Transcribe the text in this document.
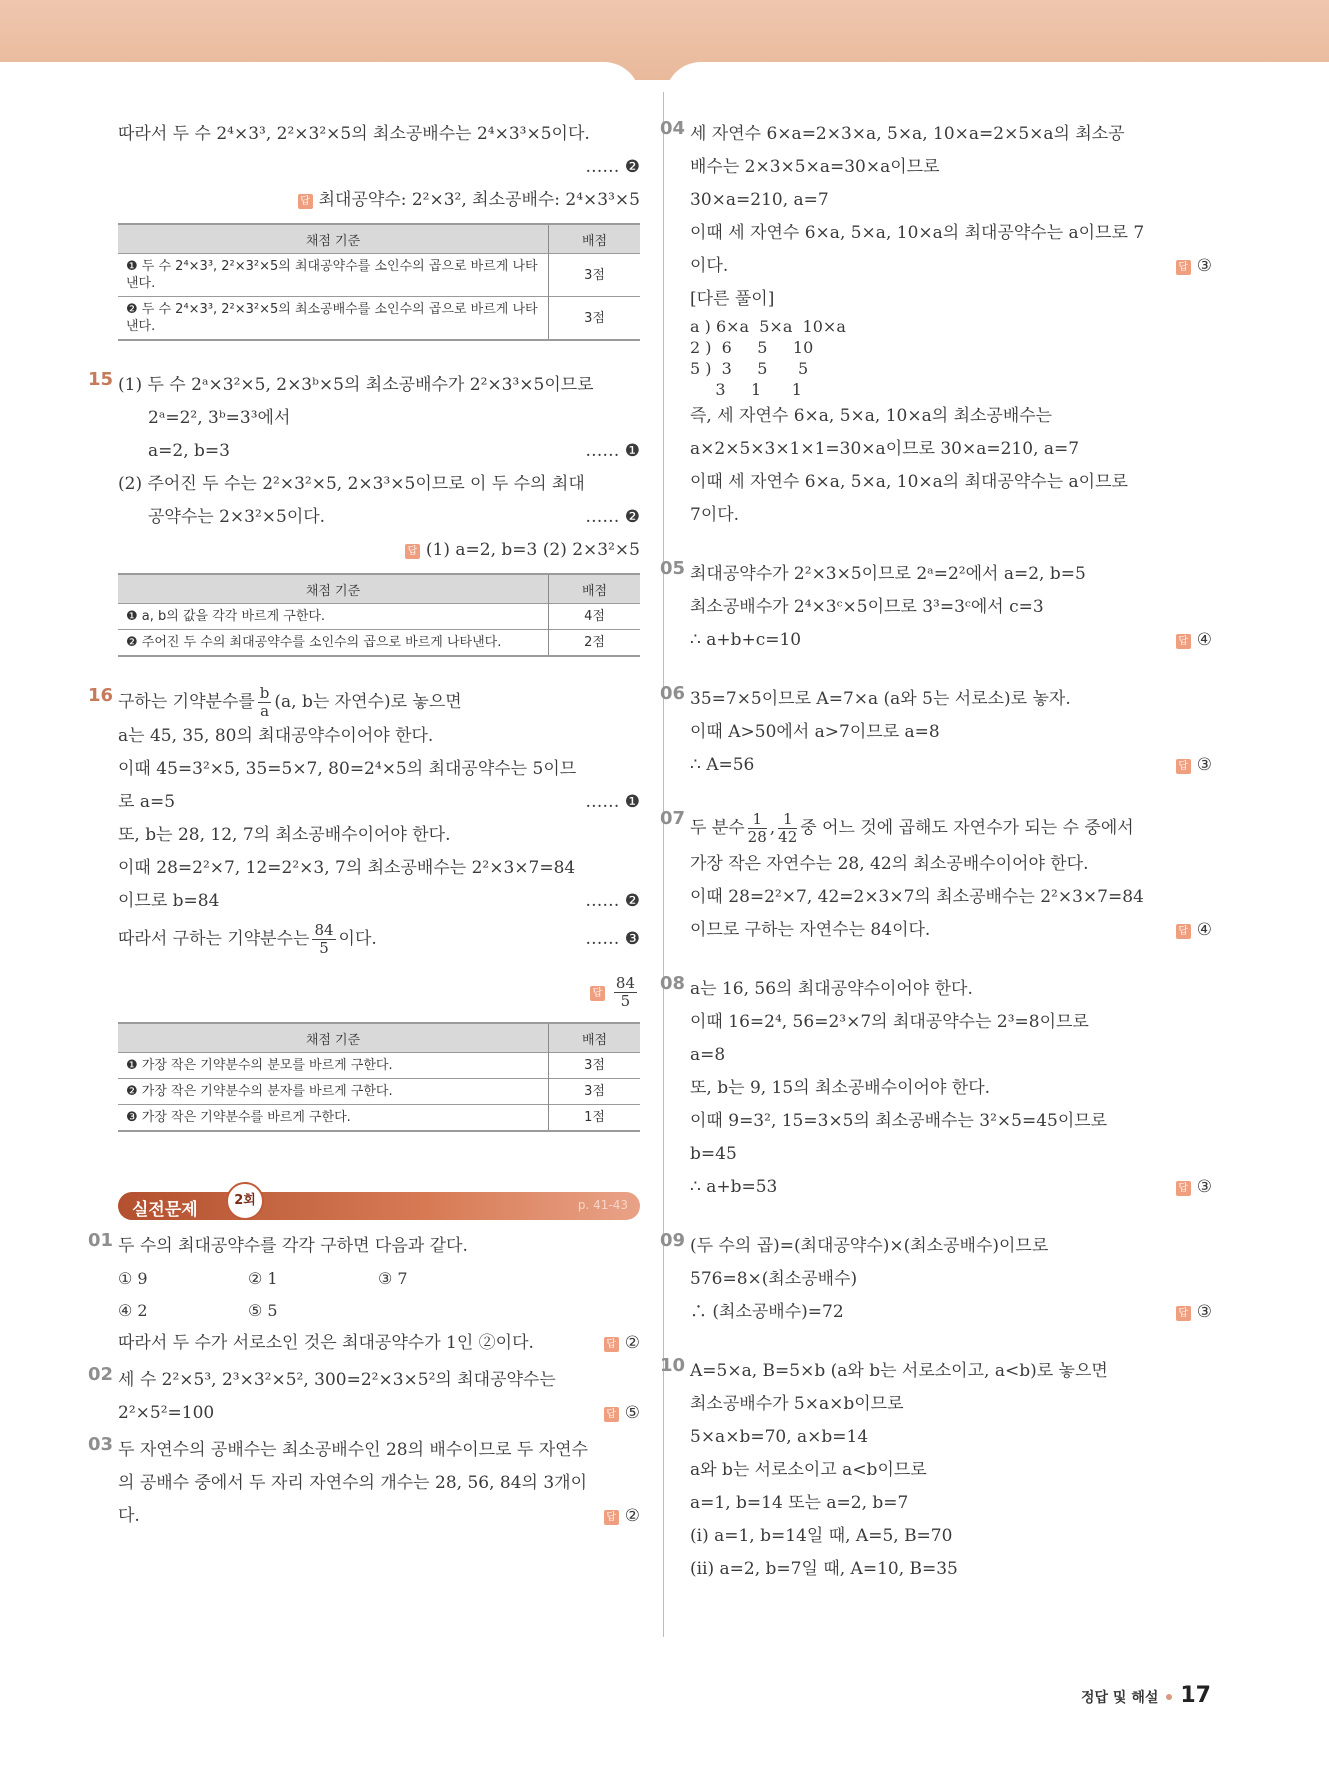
따라서 두 수 2⁴×3³, 2²×3²×5의 최소공배수는 2⁴×3³×5이다.
…… ❷
답 최대공약수: 2²×3², 최소공배수: 2⁴×3³×5
채점 기준	배점
❶ 두 수 2⁴×3³, 2²×3²×5의 최대공약수를 소인수의 곱으로 바르게 나타낸다.	3점
❷ 두 수 2⁴×3³, 2²×3²×5의 최소공배수를 소인수의 곱으로 바르게 나타낸다.	3점
15 (1) 두 수 2ᵃ×3²×5, 2×3ᵇ×5의 최소공배수가 2²×3³×5이므로
2ᵃ=2², 3ᵇ=3³에서
a=2, b=3	…… ❶
(2) 주어진 두 수는 2²×3²×5, 2×3³×5이므로 이 두 수의 최대
공약수는 2×3²×5이다.	…… ❷
답 (1) a=2, b=3 (2) 2×3²×5
채점 기준	배점
❶ a, b의 값을 각각 바르게 구한다.	4점
❷ 주어진 두 수의 최대공약수를 소인수의 곱으로 바르게 나타낸다.	2점
16 구하는 기약분수를 $\frac{b}{a} (a$, b는 자연수)로 놓으면
a는 45, 35, 80의 최대공약수이어야 한다.
이때 45=3²×5, 35=5×7, 80=2⁴×5의 최대공약수는 5이므
로 a=5	…… ❶
또, b는 28, 12, 7의 최소공배수이어야 한다.
이때 28=2²×7, 12=2²×3, 7의 최소공배수는 2²×3×7=84
이므로 b=84	…… ❷
따라서 구하는 기약분수는 $\frac{84}{5}$ 이다.	…… ❸
답 $\frac{84}{5}$
채점 기준	배점
❶ 가장 작은 기약분수의 분모를 바르게 구한다.	3점
❷ 가장 작은 기약분수의 분자를 바르게 구한다.	3점
❸ 가장 작은 기약분수를 바르게 구한다.	1점
실전문제	2회	p. 41-43
01 두 수의 최대공약수를 각각 구하면 다음과 같다.
① 9	② 1	③ 7
④ 2	⑤ 5
따라서 두 수가 서로소인 것은 최대공약수가 1인 ②이다.	답 ②
02 세 수 2²×5³, 2³×3²×5², 300=2²×3×5²의 최대공약수는
2²×5²=100	답 ⑤
03 두 자연수의 공배수는 최소공배수인 28의 배수이므로 두 자연수
의 공배수 중에서 두 자리 자연수의 개수는 28, 56, 84의 3개이
다.	답 ②
04 세 자연수 6×a=2×3×a, 5×a, 10×a=2×5×a의 최소공
배수는 2×3×5×a=30×a이므로
30×a=210, a=7
이때 세 자연수 6×a, 5×a, 10×a의 최대공약수는 a이므로 7
이다.	답 ③
[다른 풀이]
a ) 6×a  5×a  10×a
2 )  6     5     10
5 )  3     5      5
3     1      1
즉, 세 자연수 6×a, 5×a, 10×a의 최소공배수는
a×2×5×3×1×1=30×a이므로 30×a=210, a=7
이때 세 자연수 6×a, 5×a, 10×a의 최대공약수는 a이므로
7이다.
05 최대공약수가 2²×3×5이므로 2ᵃ=2²에서 a=2, b=5
최소공배수가 2⁴×3ᶜ×5이므로 3³=3ᶜ에서 c=3
∴ a+b+c=10	답 ④
06 35=7×5이므로 A=7×a (a와 5는 서로소)로 놓자.
이때 A>50에서 a>7이므로 a=8
∴ A=56	답 ③
07 두 분수 $\frac{1}{28}$ , $\frac{1}{42}$ 중 어느 것에 곱해도 자연수가 되는 수 중에서
가장 작은 자연수는 28, 42의 최소공배수이어야 한다.
이때 28=2²×7, 42=2×3×7의 최소공배수는 2²×3×7=84
이므로 구하는 자연수는 84이다.	답 ④
08 a는 16, 56의 최대공약수이어야 한다.
이때 16=2⁴, 56=2³×7의 최대공약수는 2³=8이므로
a=8
또, b는 9, 15의 최소공배수이어야 한다.
이때 9=3², 15=3×5의 최소공배수는 3²×5=45이므로
b=45
∴ a+b=53	답 ③
09 (두 수의 곱)=(최대공약수)×(최소공배수)이므로
576=8×(최소공배수)
∴ (최소공배수)=72	답 ③
10 A=5×a, B=5×b (a와 b는 서로소이고, a<b)로 놓으면
최소공배수가 5×a×b이므로
5×a×b=70, a×b=14
a와 b는 서로소이고 a<b이므로
a=1, b=14 또는 a=2, b=7
(ⅰ) a=1, b=14일 때, A=5, B=70
(ⅱ) a=2, b=7일 때, A=10, B=35
정답 및 해설 17
